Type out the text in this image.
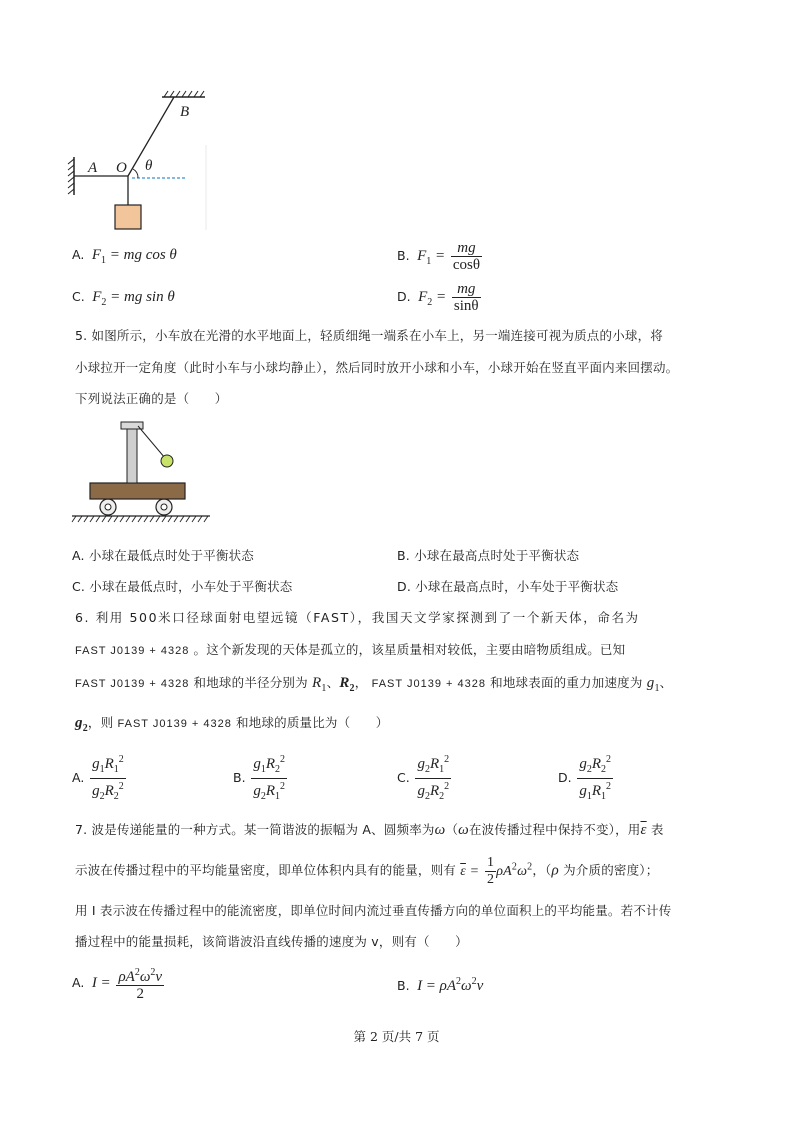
A O θ
B
A. $F_1$ = mg cos θ	B. $F_1 = \frac{mg}{\cos\theta}$
C. $F_2$ = mg sin θ	D. $F_2 = \frac{mg}{\sin\theta}$
5. 如图所示，小车放在光滑的水平地面上，轻质细绳一端系在小车上，另一端连接可视为质点的小球，将
小球拉开一定角度（此时小车与小球均静止），然后同时放开小球和小车，小球开始在竖直平面内来回摆动。
下列说法正确的是（　　）
A. 小球在最低点时处于平衡状态	B. 小球在最高点时处于平衡状态
C. 小球在最低点时，小车处于平衡状态	D. 小球在最高点时，小车处于平衡状态
6. 利用 500米口径球面射电望远镜（FAST），我国天文学家探测到了一个新天体，命名为
FAST J0139 + 4328 。这个新发现的天体是孤立的，该星质量相对较低，主要由暗物质组成。已知
FAST J0139 + 4328 和地球的半径分别为 $R_1$、$R_2$， FAST J0139 + 4328 和地球表面的重力加速度为 $g_1$、
$g_2$，则 FAST J0139 + 4328 和地球的质量比为（　　）
A. $\frac{g_1R_1^2}{g_2R_2^2}$	B. $\frac{g_1R_2^2}{g_2R_1^2}$	C. $\frac{g_2R_1^2}{g_2R_2^2}$	D. $\frac{g_2R_2^2}{g_1R_1^2}$
7. 波是传递能量的一种方式。某一简谐波的振幅为 A、圆频率为ω（ω在波传播过程中保持不变），用$\overline{\varepsilon}$ 表
示波在传播过程中的平均能量密度，即单位体积内具有的能量，则有 $\overline{\varepsilon} = \frac{1}{2} \rho A^2\omega^2$，（ρ 为介质的密度）；
用 I 表示波在传播过程中的能流密度，即单位时间内流过垂直传播方向的单位面积上的平均能量。若不计传
播过程中的能量损耗，该简谐波沿直线传播的速度为 v，则有（　　）
A.  $I = \frac{\rho A^2\omega^2v}{2}$	B.  $I = \rho A^2\omega^2v$
第 2 页/共 7 页
